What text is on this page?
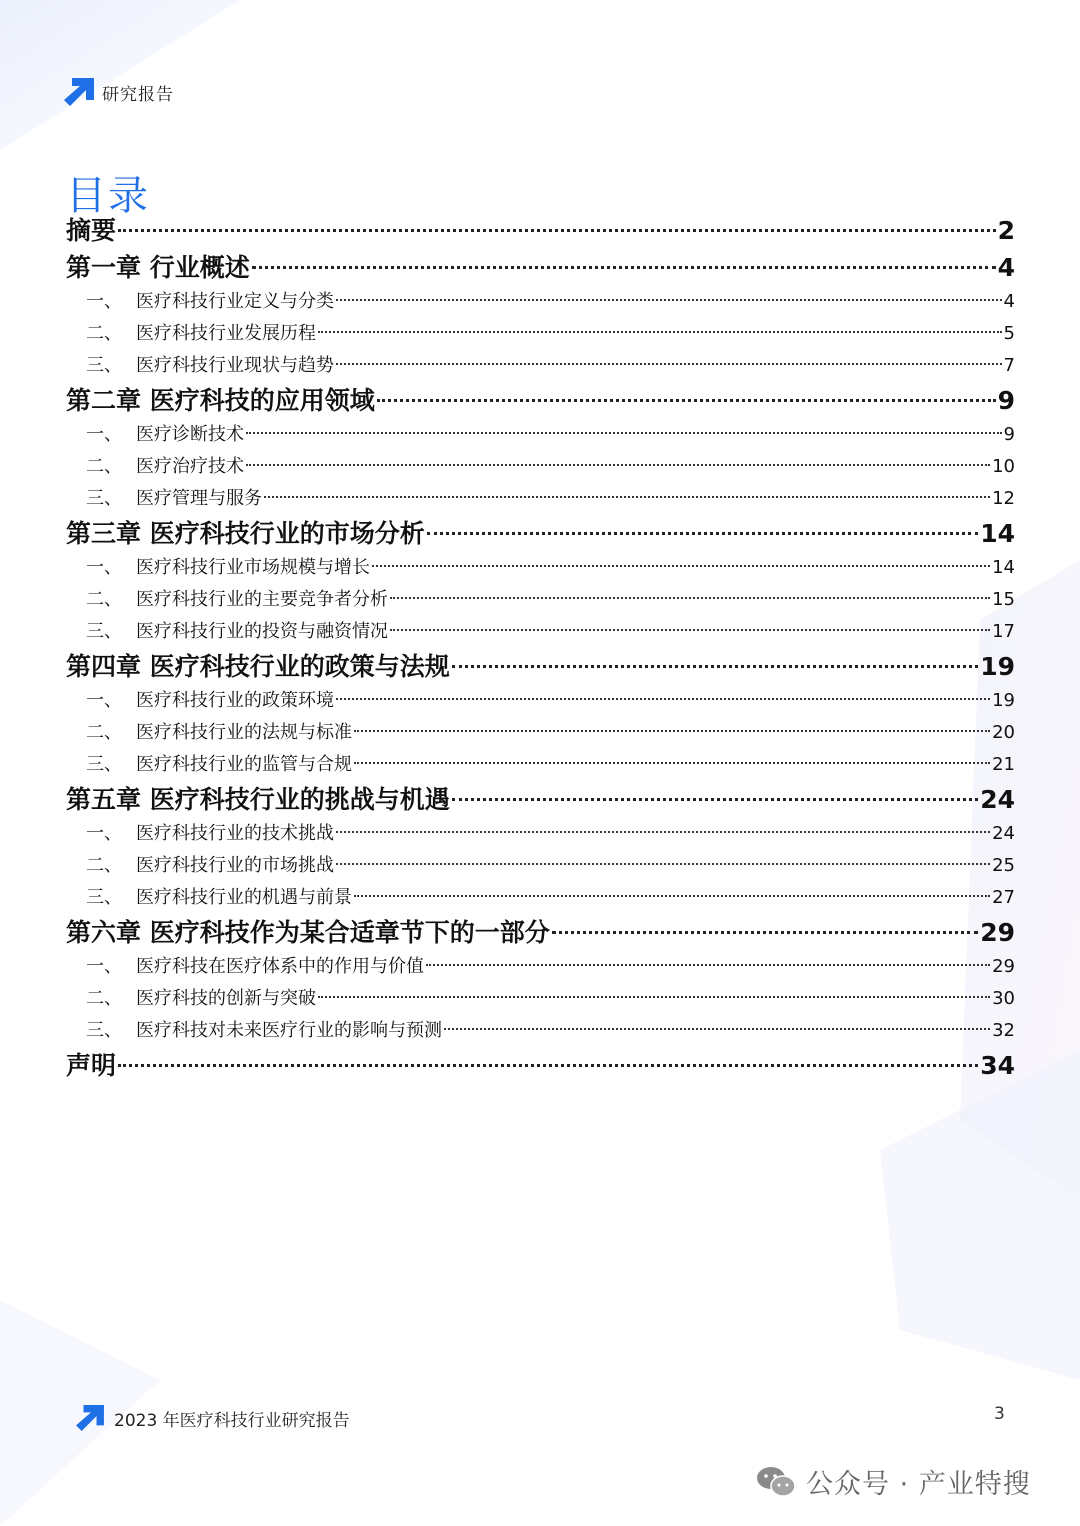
研究报告
目录
摘要	2
第一章 行业概述	4
一、 医疗科技行业定义与分类	4
二、 医疗科技行业发展历程	5
三、 医疗科技行业现状与趋势	7
第二章 医疗科技的应用领域	9
一、 医疗诊断技术	9
二、 医疗治疗技术	10
三、 医疗管理与服务	12
第三章 医疗科技行业的市场分析	14
一、 医疗科技行业市场规模与增长	14
二、 医疗科技行业的主要竞争者分析	15
三、 医疗科技行业的投资与融资情况	17
第四章 医疗科技行业的政策与法规	19
一、 医疗科技行业的政策环境	19
二、 医疗科技行业的法规与标准	20
三、 医疗科技行业的监管与合规	21
第五章 医疗科技行业的挑战与机遇	24
一、 医疗科技行业的技术挑战	24
二、 医疗科技行业的市场挑战	25
三、 医疗科技行业的机遇与前景	27
第六章 医疗科技作为某合适章节下的一部分	29
一、 医疗科技在医疗体系中的作用与价值	29
二、 医疗科技的创新与突破	30
三、 医疗科技对未来医疗行业的影响与预测	32
声明	34
2023 年医疗科技行业研究报告	3
公众号 · 产业特搜
